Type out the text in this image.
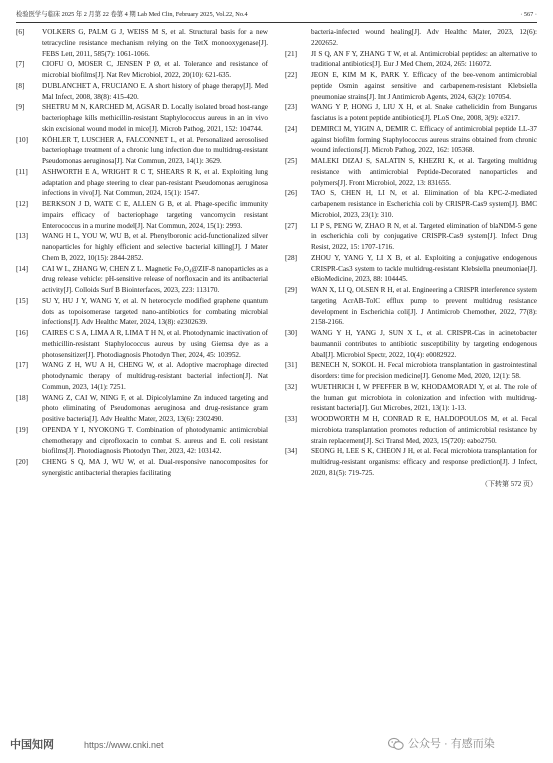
检验医学与临床 2025 年 2 月第 22 卷第 4 期 Lab Med Clin, February 2025, Vol.22, No.4	· 567 ·
[6] VOLKERS G, PALM G J, WEISS M S, et al. Structural basis for a new tetracycline resistance mechanism relying on the TetX monooxygenase[J]. FEBS Lett, 2011, 585(7): 1061-1066.
[7] CIOFU O, MOSER C, JENSEN P Ø, et al. Tolerance and resistance of microbial biofilms[J]. Nat Rev Microbiol, 2022, 20(10): 621-635.
[8] DUBLANCHET A, FRUCIANO E. A short history of phage therapy[J]. Med Mal Infect, 2008, 38(8): 415-420.
[9] SHETRU M N, KARCHED M, AGSAR D. Locally isolated broad host-range bacteriophage kills methicillin-resistant Staphylococcus aureus in an in vivo skin excisional wound model in mice[J]. Microb Pathog, 2021, 152: 104744.
[10] KÖHLER T, LUSCHER A, FALCONNET L, et al. Personalized aerosolised bacteriophage treatment of a chronic lung infection due to multidrug-resistant Pseudomonas aeruginosa[J]. Nat Commun, 2023, 14(1): 3629.
[11] ASHWORTH E A, WRIGHT R C T, SHEARS R K, et al. Exploiting lung adaptation and phage steering to clear pan-resistant Pseudomonas aeruginosa infections in vivo[J]. Nat Commun, 2024, 15(1): 1547.
[12] BERKSON J D, WATE C E, ALLEN G B, et al. Phage-specific immunity impairs efficacy of bacteriophage targeting vancomycin resistant Enterococcus in a murine model[J]. Nat Commun, 2024, 15(1): 2993.
[13] WANG H L, YOU W, WU B, et al. Phenylboronic acid-functionalized silver nanoparticles for highly efficient and selective bacterial killing[J]. J Mater Chem B, 2022, 10(15): 2844-2852.
[14] CAI W L, ZHANG W, CHEN Z L. Magnetic Fe₃O₄@ZIF-8 nanoparticles as a drug release vehicle: pH-sensitive release of norfloxacin and its antibacterial activity[J]. Colloids Surf B Biointerfaces, 2023, 223: 113170.
[15] SU Y, HU J Y, WANG Y, et al. N heterocycle modified graphene quantum dots as topoisomerase targeted nano-antibiotics for combating microbial infections[J]. Adv Healthc Mater, 2024, 13(8): e2302639.
[16] CAIRES C S A, LIMA A R, LIMA T H N, et al. Photodynamic inactivation of methicillin-resistant Staphylococcus aureus by using Giemsa dye as a photosensitizer[J]. Photodiagnosis Photodyn Ther, 2024, 45: 103952.
[17] WANG Z H, WU A H, CHENG W, et al. Adoptive macrophage directed photodynamic therapy of multidrug-resistant bacterial infection[J]. Nat Commun, 2023, 14(1): 7251.
[18] WANG Z, CAI W, NING F, et al. Dipicolylamine Zn induced targeting and photo eliminating of Pseudomonas aeruginosa and drug-resistance gram positive bacteria[J]. Adv Healthc Mater, 2023, 13(6): 2302490.
[19] OPENDA Y I, NYOKONG T. Combination of photodynamic antimicrobial chemotherapy and ciprofloxacin to combat S. aureus and E. coli resistant biofilms[J]. Photodiagnosis Photodyn Ther, 2023, 42: 103142.
[20] CHENG S Q, MA J, WU W, et al. Dual-responsive nanocomposites for synergistic antibacterial therapies facilitating
bacteria-infected wound healing[J]. Adv Healthc Mater, 2023, 12(6): 2202652.
[21] JI S Q, AN F Y, ZHANG T W, et al. Antimicrobial peptides: an alternative to traditional antibiotics[J]. Eur J Med Chem, 2024, 265: 116072.
[22] JEON E, KIM M K, PARK Y. Efficacy of the bee-venom antimicrobial peptide Osmin against sensitive and carbapenem-resistant Klebsiella pneumoniae strains[J]. Int J Antimicrob Agents, 2024, 63(2): 107054.
[23] WANG Y P, HONG J, LIU X H, et al. Snake cathelicidin from Bungarus fasciatus is a potent peptide antibiotics[J]. PLoS One, 2008, 3(9): e3217.
[24] DEMIRCI M, YIGIN A, DEMIR C. Efficacy of antimicrobial peptide LL-37 against biofilm forming Staphylococcus aureus strains obtained from chronic wound infections[J]. Microb Pathog, 2022, 162: 105368.
[25] MALEKI DIZAJ S, SALATIN S, KHEZRI K, et al. Targeting multidrug resistance with antimicrobial Peptide-Decorated nanoparticles and polymers[J]. Front Microbiol, 2022, 13: 831655.
[26] TAO S, CHEN H, LI N, et al. Elimination of bla KPC-2-mediated carbapenem resistance in Escherichia coli by CRISPR-Cas9 system[J]. BMC Microbiol, 2023, 23(1): 310.
[27] LI P S, PENG W, ZHAO R N, et al. Targeted elimination of blaNDM-5 gene in escherichia coli by conjugative CRISPR-Cas9 system[J]. Infect Drug Resist, 2022, 15: 1707-1716.
[28] ZHOU Y, YANG Y, LI X B, et al. Exploiting a conjugative endogenous CRISPR-Cas3 system to tackle multidrug-resistant Klebsiella pneumoniae[J]. eBioMedicine, 2023, 88: 104445.
[29] WAN X, LI Q, OLSEN R H, et al. Engineering a CRISPR interference system targeting AcrAB-TolC efflux pump to prevent multidrug resistance development in Escherichia coli[J]. J Antimicrob Chemother, 2022, 77(8): 2158-2166.
[30] WANG Y H, YANG J, SUN X L, et al. CRISPR-Cas in acinetobacter baumannii contributes to antibiotic susceptibility by targeting endogenous AbaI[J]. Microbiol Spectr, 2022, 10(4): e0082922.
[31] BENECH N, SOKOL H. Fecal microbiota transplantation in gastrointestinal disorders: time for precision medicine[J]. Genome Med, 2020, 12(1): 58.
[32] WUETHRICH I, W PFEFFER B W, KHODAMORADI Y, et al. The role of the human gut microbiota in colonization and infection with multidrug-resistant bacteria[J]. Gut Microbes, 2021, 13(1): 1-13.
[33] WOODWORTH M H, CONRAD R E, HALDOPOULOS M, et al. Fecal microbiota transplantation promotes reduction of antimicrobial resistance by strain replacement[J]. Sci Transl Med, 2023, 15(720): eabo2750.
[34] SEONG H, LEE S K, CHEON J H, et al. Fecal microbiota transplantation for multidrug-resistant organisms: efficacy and response prediction[J]. J Infect, 2020, 81(5): 719-725.
（下转第 572 页）
中国知网	https://www.cnki.net	公众号 · 有感而染
